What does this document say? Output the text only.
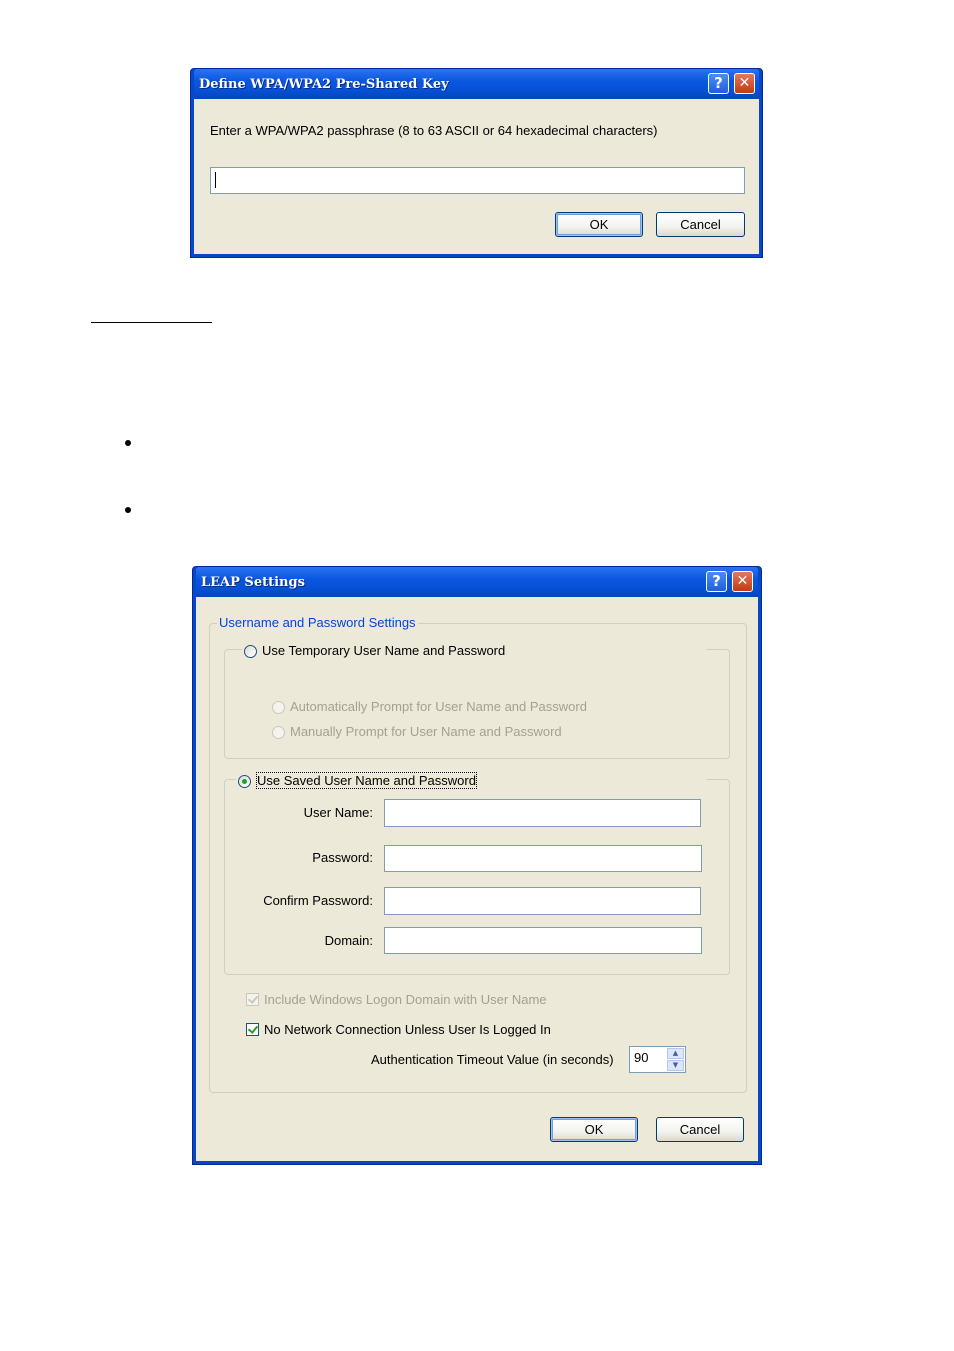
Define WPA/WPA2 Pre-Shared Key	?	✕
Enter a WPA/WPA2 passphrase (8 to 63 ASCII or 64 hexadecimal characters)
OK	Cancel
LEAP Settings	?	✕
Username and Password Settings
Use Temporary User Name and Password
Automatically Prompt for User Name and Password
Manually Prompt for User Name and Password
Use Saved User Name and Password
User Name:
Password:
Confirm Password:
Domain:
Include Windows Logon Domain with User Name
No Network Connection Unless User Is Logged In
Authentication Timeout Value (in seconds) 90	▲
▼
OK	Cancel
